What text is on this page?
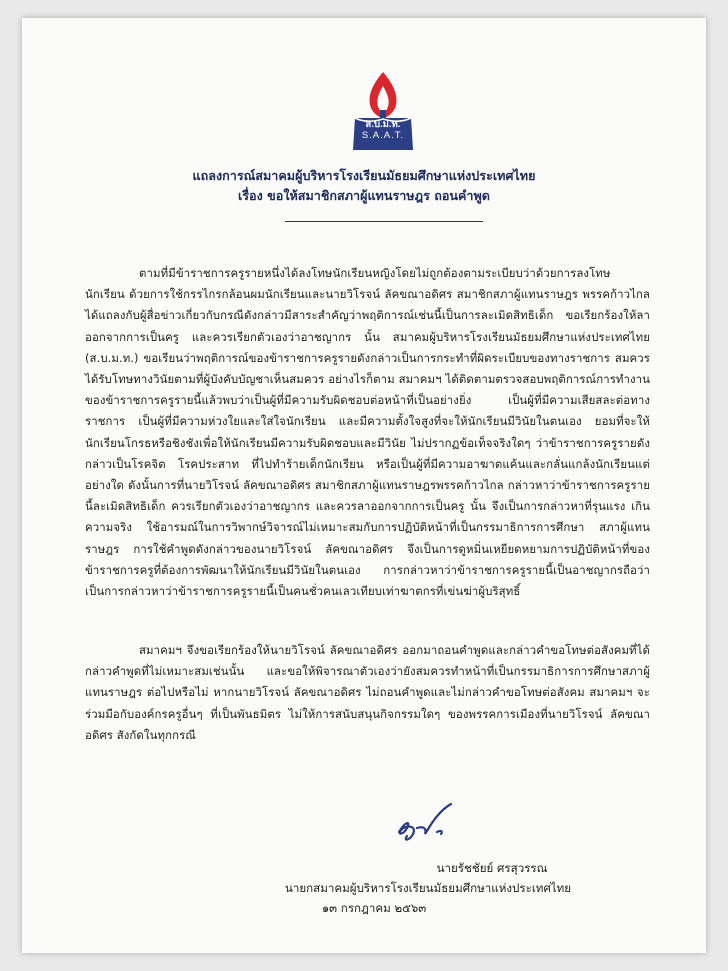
ส.บ.ม.ท.
S.A.A.T.
แถลงการณ์สมาคมผู้บริหารโรงเรียนมัธยมศึกษาแห่งประเทศไทย
เรื่อง ขอให้สมาชิกสภาผู้แทนราษฎร ถอนคำพูด
ตามที่มีข้าราชการครูรายหนึ่งได้ลงโทษนักเรียนหญิงโดยไม่ถูกต้องตามระเบียบว่าด้วยการลงโทษนักเรียน ด้วยการใช้กรรไกรกล้อนผมนักเรียนและนายวิโรจน์ ลัคขณาอดิศร สมาชิกสภาผู้แทนราษฎร พรรคก้าวไกล ได้แถลงกับผู้สื่อข่าวเกี่ยวกับกรณีดังกล่าวมีสาระสำคัญว่าพฤติการณ์เช่นนี้เป็นการละเมิดสิทธิเด็ก ขอเรียกร้องให้ลาออกจากการเป็นครู และควรเรียกตัวเองว่าอาชญากร นั้น สมาคมผู้บริหารโรงเรียนมัธยมศึกษาแห่งประเทศไทย (ส.บ.ม.ท.) ขอเรียนว่าพฤติการณ์ของข้าราชการครูรายดังกล่าวเป็นการกระทำที่ผิดระเบียบของทางราชการ สมควรได้รับโทษทางวินัยตามที่ผู้บังคับบัญชาเห็นสมควร อย่างไรก็ตาม สมาคมฯ ได้ติดตามตรวจสอบพฤติการณ์การทำงานของข้าราชการครูรายนี้แล้วพบว่าเป็นผู้ที่มีความรับผิดชอบต่อหน้าที่เป็นอย่างยิ่ง เป็นผู้ที่มีความเสียสละต่อทางราชการ เป็นผู้ที่มีความห่วงใยและใส่ใจนักเรียน และมีความตั้งใจสูงที่จะให้นักเรียนมีวินัยในตนเอง ยอมที่จะให้นักเรียนโกรธหรือชิงชังเพื่อให้นักเรียนมีความรับผิดชอบและมีวินัย ไม่ปรากฏข้อเท็จจริงใดๆ ว่าข้าราชการครูรายดังกล่าวเป็นโรคจิต โรคประสาท ที่ไปทำร้ายเด็กนักเรียน หรือเป็นผู้ที่มีความอาฆาตแค้นและกลั่นแกล้งนักเรียนแต่อย่างใด ดังนั้นการที่นายวิโรจน์ ลัคขณาอดิศร สมาชิกสภาผู้แทนราษฎรพรรคก้าวไกล กล่าวหาว่าข้าราชการครูรายนี้ละเมิดสิทธิเด็ก ควรเรียกตัวเองว่าอาชญากร และควรลาออกจากการเป็นครู นั้น จึงเป็นการกล่าวหาที่รุนแรง เกินความจริง ใช้อารมณ์ในการวิพากษ์วิจารณ์ไม่เหมาะสมกับการปฏิบัติหน้าที่เป็นกรรมาธิการการศึกษา สภาผู้แทนราษฎร การใช้คำพูดดังกล่าวของนายวิโรจน์ ลัคขณาอดิศร จึงเป็นการดูหมิ่นเหยียดหยามการปฏิบัติหน้าที่ของข้าราชการครูที่ต้องการพัฒนาให้นักเรียนมีวินัยในตนเอง การกล่าวหาว่าข้าราชการครูรายนี้เป็นอาชญากรถือว่าเป็นการกล่าวหาว่าข้าราชการครูรายนี้เป็นคนชั่วคนเลวเทียบเท่าฆาตกรที่เข่นฆ่าผู้บริสุทธิ์
สมาคมฯ จึงขอเรียกร้องให้นายวิโรจน์ ลัคขณาอดิศร ออกมาถอนคำพูดและกล่าวคำขอโทษต่อสังคมที่ได้กล่าวคำพูดที่ไม่เหมาะสมเช่นนั้น และขอให้พิจารณาตัวเองว่ายังสมควรทำหน้าที่เป็นกรรมาธิการการศึกษาสภาผู้แทนราษฎร ต่อไปหรือไม่ หากนายวิโรจน์ ลัคขณาอดิศร ไม่ถอนคำพูดและไม่กล่าวคำขอโทษต่อสังคม สมาคมฯ จะร่วมมือกับองค์กรครูอื่นๆ ที่เป็นพันธมิตร ไม่ให้การสนับสนุนกิจกรรมใดๆ ของพรรคการเมืองที่นายวิโรจน์ ลัคขณาอดิศร สังกัดในทุกกรณี
นายรัชชัยย์ ศรสุวรรณ
นายกสมาคมผู้บริหารโรงเรียนมัธยมศึกษาแห่งประเทศไทย
๑๓ กรกฎาคม ๒๕๖๓
